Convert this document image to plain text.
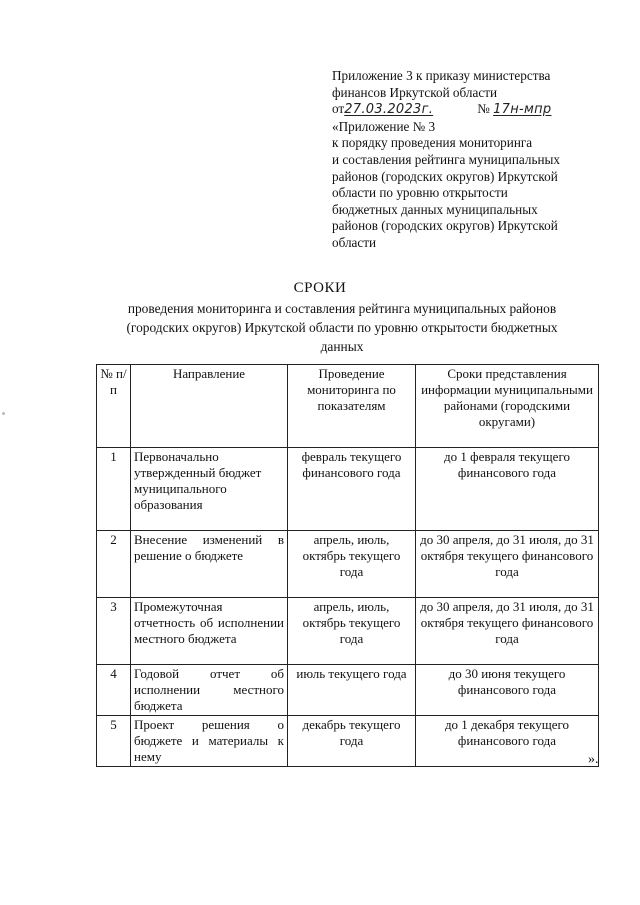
Приложение 3 к приказу министерства
финансов Иркутской области
от27.03.2023г.	№ 17н-мпр
«Приложение № 3
к порядку проведения мониторинга
и составления рейтинга муниципальных
районов (городских округов) Иркутской
области по уровню открытости
бюджетных данных муниципальных
районов (городских округов) Иркутской
области
СРОКИ
проведения мониторинга и составления рейтинга муниципальных районов
(городских округов) Иркутской области по уровню открытости бюджетных
данных
№ п/п	Направление	Проведение мониторинга по показателям	Сроки представления информации муниципальными районами (городскими округами)
1	Первоначально утвержденный бюджет муниципального образования	февраль текущего финансового года	до 1 февраля текущего финансового года
2	Внесение изменений в решение о бюджете	апрель, июль, октябрь текущего года	до 30 апреля, до 31 июля, до 31 октября текущего финансового года
3	Промежуточная отчетность об исполнении местного бюджета	апрель, июль, октябрь текущего года	до 30 апреля, до 31 июля, до 31 октября текущего финансового года
4	Годовой отчет об исполнении местного бюджета	июль текущего года	до 30 июня текущего финансового года
5	Проект решения о бюджете и материалы к нему	декабрь текущего года	до 1 декабря текущего финансового года
».
